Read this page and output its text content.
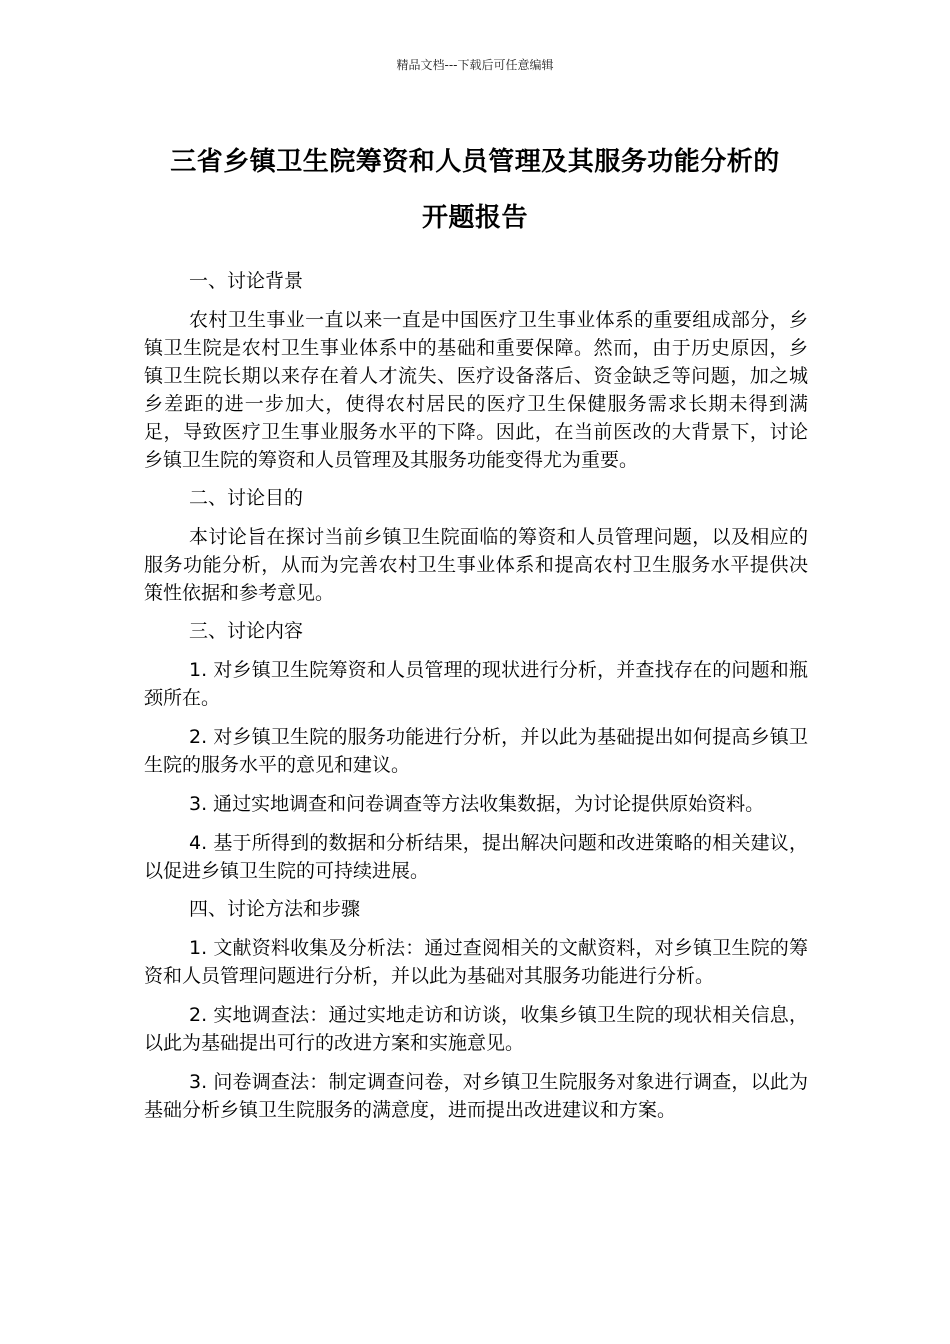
精品文档---下载后可任意编辑
三省乡镇卫生院筹资和人员管理及其服务功能分析的
开题报告

一、讨论背景

农村卫生事业一直以来一直是中国医疗卫生事业体系的重要组成部分，乡镇卫生院是农村卫生事业体系中的基础和重要保障。然而，由于历史原因，乡镇卫生院长期以来存在着人才流失、医疗设备落后、资金缺乏等问题，加之城乡差距的进一步加大，使得农村居民的医疗卫生保健服务需求长期未得到满足，导致医疗卫生事业服务水平的下降。因此，在当前医改的大背景下，讨论乡镇卫生院的筹资和人员管理及其服务功能变得尤为重要。

二、讨论目的

本讨论旨在探讨当前乡镇卫生院面临的筹资和人员管理问题，以及相应的服务功能分析，从而为完善农村卫生事业体系和提高农村卫生服务水平提供决策性依据和参考意见。

三、讨论内容

1. 对乡镇卫生院筹资和人员管理的现状进行分析，并查找存在的问题和瓶颈所在。

2. 对乡镇卫生院的服务功能进行分析，并以此为基础提出如何提高乡镇卫生院的服务水平的意见和建议。

3. 通过实地调查和问卷调查等方法收集数据，为讨论提供原始资料。

4. 基于所得到的数据和分析结果，提出解决问题和改进策略的相关建议，以促进乡镇卫生院的可持续进展。

四、讨论方法和步骤

1. 文献资料收集及分析法：通过查阅相关的文献资料，对乡镇卫生院的筹资和人员管理问题进行分析，并以此为基础对其服务功能进行分析。

2. 实地调查法：通过实地走访和访谈，收集乡镇卫生院的现状相关信息，以此为基础提出可行的改进方案和实施意见。

3. 问卷调查法：制定调查问卷，对乡镇卫生院服务对象进行调查，以此为基础分析乡镇卫生院服务的满意度，进而提出改进建议和方案。
